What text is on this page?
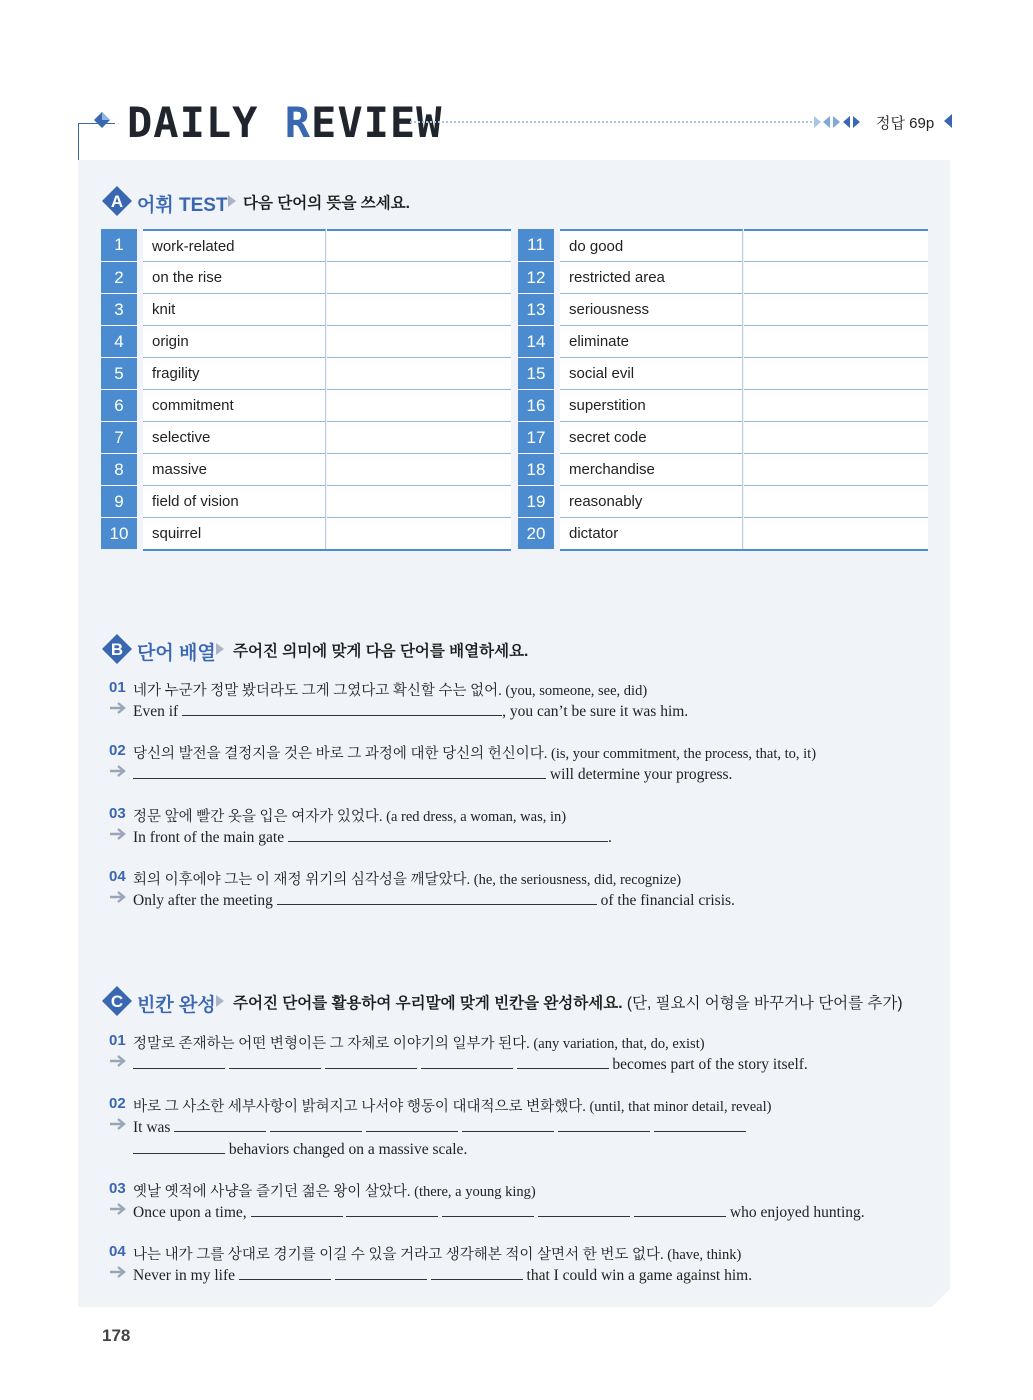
DAILY REVIEW	정답 69p
A 어휘 TEST 다음 단어의 뜻을 쓰세요.
1	work-related
2	on the rise
3	knit
4	origin
5	fragility
6	commitment
7	selective
8	massive
9	field of vision
10	squirrel
11	do good
12	restricted area
13	seriousness
14	eliminate
15	social evil
16	superstition
17	secret code
18	merchandise
19	reasonably
20	dictator
B 단어 배열 주어진 의미에 맞게 다음 단어를 배열하세요.
01 네가 누군가 정말 봤더라도 그게 그였다고 확신할 수는 없어. (you, someone, see, did)
Even if	, you can’t be sure it was him.
02 당신의 발전을 결정지을 것은 바로 그 과정에 대한 당신의 헌신이다. (is, your commitment, the process, that, to, it)
will determine your progress.
03 정문 앞에 빨간 옷을 입은 여자가 있었다. (a red dress, a woman, was, in)
In front of the main gate	.
04 회의 이후에야 그는 이 재정 위기의 심각성을 깨달았다. (he, the seriousness, did, recognize)
Only after the meeting	of the financial crisis.
C 빈칸 완성 주어진 단어를 활용하여 우리말에 맞게 빈칸을 완성하세요. (단, 필요시 어형을 바꾸거나 단어를 추가)
01 정말로 존재하는 어떤 변형이든 그 자체로 이야기의 일부가 된다. (any variation, that, do, exist)
becomes part of the story itself.
02 바로 그 사소한 세부사항이 밝혀지고 나서야 행동이 대대적으로 변화했다. (until, that minor detail, reveal)
It was
behaviors changed on a massive scale.
03 옛날 옛적에 사냥을 즐기던 젊은 왕이 살았다. (there, a young king)
Once upon a time,	who enjoyed hunting.
04 나는 내가 그를 상대로 경기를 이길 수 있을 거라고 생각해본 적이 살면서 한 번도 없다. (have, think)
Never in my life	that I could win a game against him.
178
